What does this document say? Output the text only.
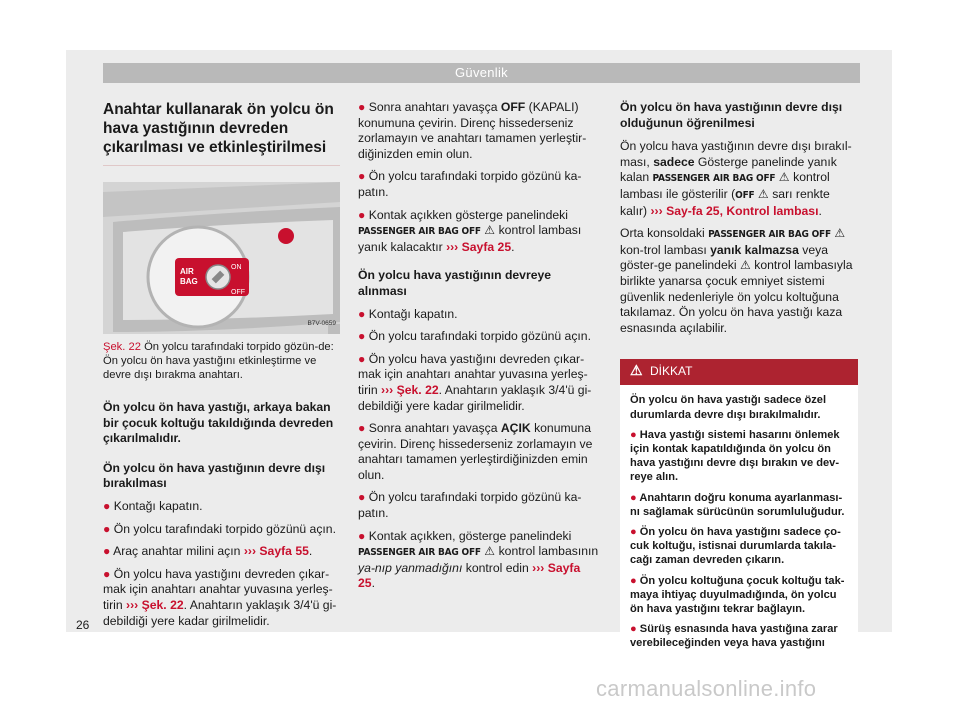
Güvenlik
Anahtar kullanarak ön yolcu ön hava yastığının devreden çıkarılması ve etkinleştirilmesi
AIR
BAG
ON
OFF
B7V-0659
Şek. 22 Ön yolcu tarafındaki torpido gözün-de: Ön yolcu ön hava yastığını etkinleştirme ve devre dışı bırakma anahtarı.

Ön yolcu ön hava yastığı, arkaya bakan bir çocuk koltuğu takıldığında devreden çıkarılmalıdır.

Ön yolcu ön hava yastığının devre dışı bırakılması

● Kontağı kapatın.

● Ön yolcu tarafındaki torpido gözünü açın.

● Araç anahtar milini açın ››› Sayfa 55.

● Ön yolcu hava yastığını devreden çıkar-mak için anahtarı anahtar yuvasına yerleş-tirin ››› Şek. 22. Anahtarın yaklaşık 3/4'ü gi-debildiği yere kadar girilmelidir.

● Sonra anahtarı yavaşça OFF (KAPALI) konumuna çevirin. Direnç hissederseniz zorlamayın ve anahtarı tamamen yerleştir-diğinizden emin olun.

● Ön yolcu tarafındaki torpido gözünü ka-patın.

● Kontak açıkken gösterge panelindeki PASSENGER AIR BAG OFF ⚠ kontrol lambası yanık kalacaktır ››› Sayfa 25.

Ön yolcu hava yastığının devreye alınması

● Kontağı kapatın.

● Ön yolcu tarafındaki torpido gözünü açın.

● Ön yolcu hava yastığını devreden çıkar-mak için anahtarı anahtar yuvasına yerleş-tirin ››› Şek. 22. Anahtarın yaklaşık 3/4'ü gi-debildiği yere kadar girilmelidir.

● Sonra anahtarı yavaşça AÇIK konumuna çevirin. Direnç hissederseniz zorlamayın ve anahtarı tamamen yerleştirdiğinizden emin olun.

● Ön yolcu tarafındaki torpido gözünü ka-patın.

● Kontak açıkken, gösterge panelindeki PASSENGER AIR BAG OFF ⚠ kontrol lambasının ya-nıp yanmadığını kontrol edin ››› Sayfa 25.

Ön yolcu ön hava yastığının devre dışı olduğunun öğrenilmesi

Ön yolcu hava yastığının devre dışı bırakıl-ması, sadece Gösterge panelinde yanık kalan PASSENGER AIR BAG OFF ⚠ kontrol lambası ile gösterilir (OFF ⚠ sarı renkte kalır) ››› Say-fa 25, Kontrol lambası.

Orta konsoldaki PASSENGER AIR BAG OFF ⚠ kon-trol lambası yanık kalmazsa veya göster-ge panelindeki ⚠ kontrol lambasıyla birlikte yanarsa çocuk emniyet sistemi güvenlik nedenleriyle ön yolcu koltuğuna takılamaz. Ön yolcu ön hava yastığı kaza esnasında açılabilir.

⚠ DİKKAT

Ön yolcu ön hava yastığı sadece özel durumlarda devre dışı bırakılmalıdır.

● Hava yastığı sistemi hasarını önlemek için kontak kapatıldığında ön yolcu ön hava yastığını devre dışı bırakın ve dev-reye alın.

● Anahtarın doğru konuma ayarlanması-nı sağlamak sürücünün sorumluluğudur.

● Ön yolcu ön hava yastığını sadece ço-cuk koltuğu, istisnai durumlarda takıla-cağı zaman devreden çıkarın.

● Ön yolcu koltuğuna çocuk koltuğu tak-maya ihtiyaç duyulmadığında, ön yolcu ön hava yastığını tekrar bağlayın.

● Sürüş esnasında hava yastığına zarar verebileceğinden veya hava yastığını

26
carmanualsonline.info
